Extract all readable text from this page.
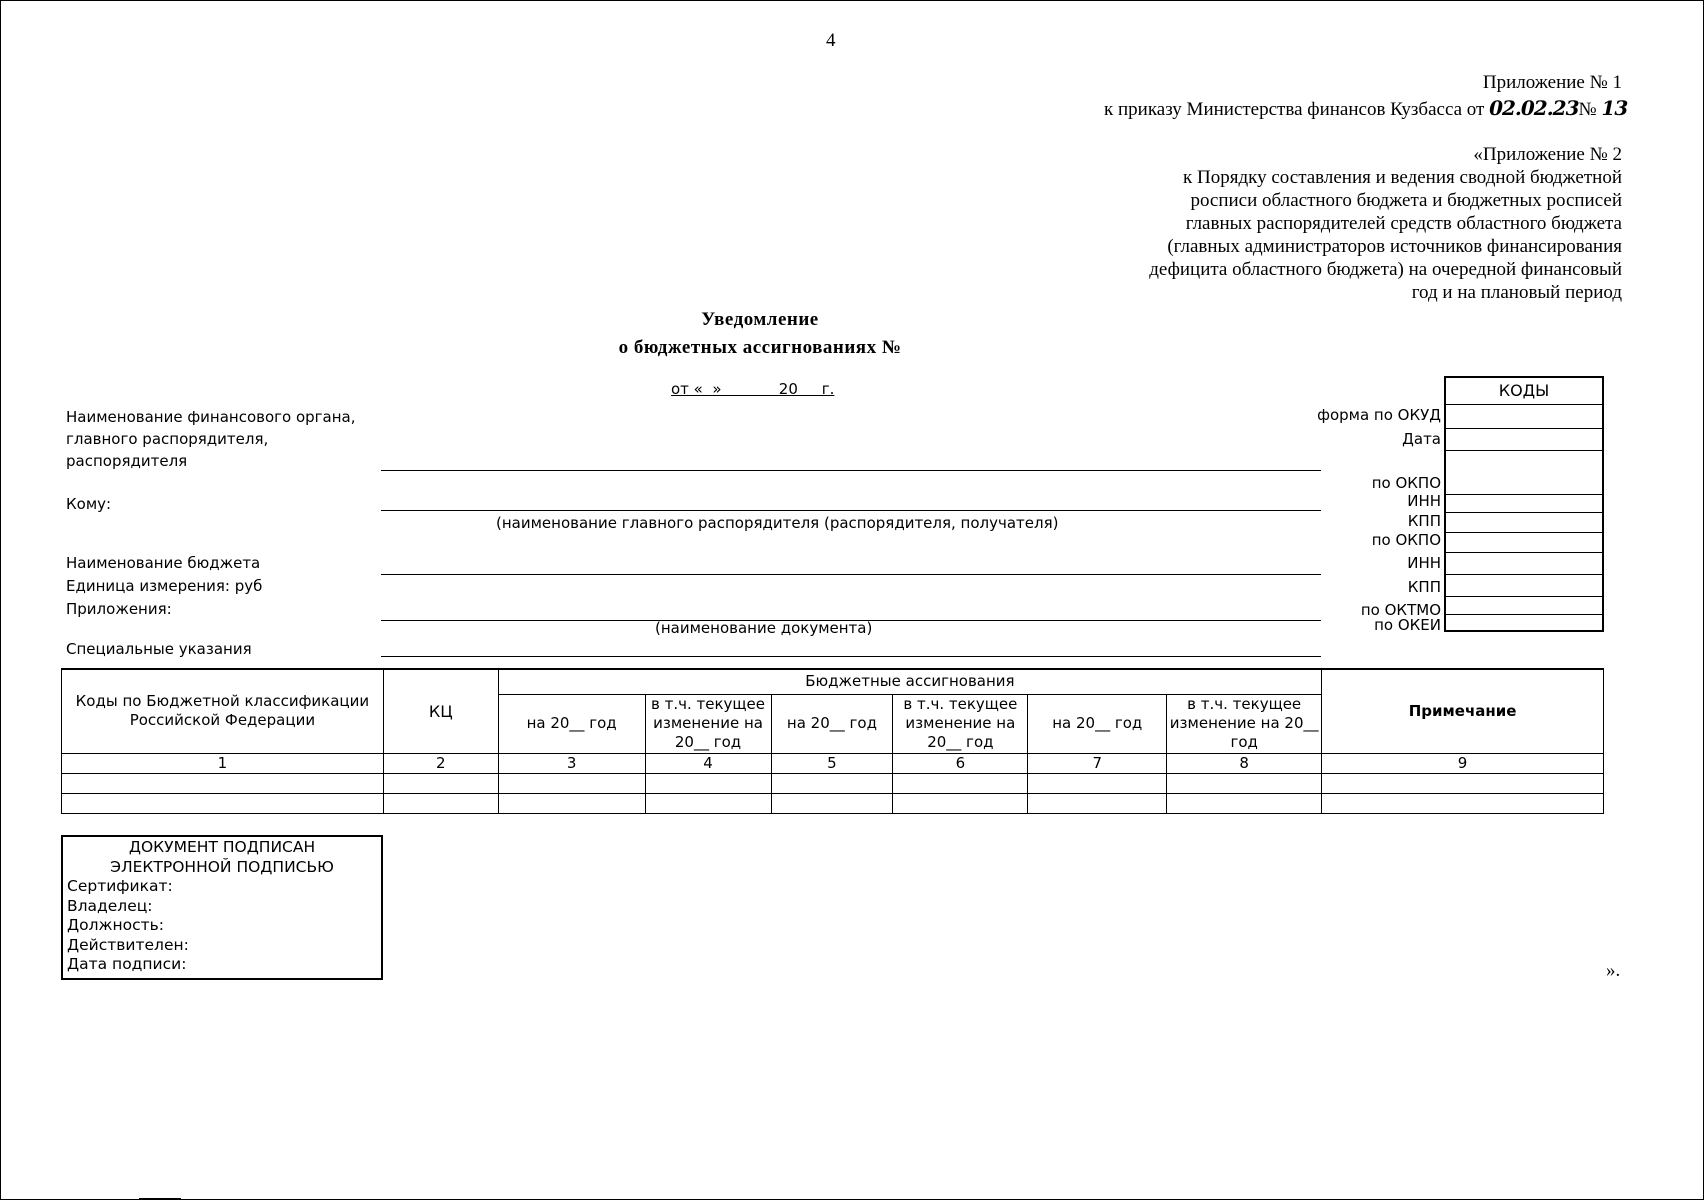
4
Приложение № 1
к приказу Министерства финансов Кузбасса от 02.02.23№ 13
«Приложение № 2
к Порядку составления и ведения сводной бюджетной
росписи областного бюджета и бюджетных росписей
главных распорядителей средств областного бюджета
(главных администраторов источников финансирования
дефицита областного бюджета) на очередной финансовый
год и на плановый период
Уведомление
о бюджетных ассигнованиях №
от «  »            20     г.
форма по ОКУД
Дата
по ОКПО
ИНН
КПП
по ОКПО
ИНН
КПП
по ОКТМО
по ОКЕИ
КОДЫ

Наименование финансового органа,
главного распорядителя,
распорядителя
Кому:
(наименование главного распорядителя (распорядителя, получателя)
Наименование бюджета
Единица измерения: руб
Приложения:
(наименование документа)
Специальные указания
Коды по Бюджетной классификации
Российской Федерации	КЦ	Бюджетные ассигнования						Примечание
		на 20__ год	в т.ч. текущее изменение на 20__ год	на 20__ год	в т.ч. текущее изменение на 20__ год	на 20__ год	в т.ч. текущее изменение на 20__ год	
1	2	3	4	5	6	7	8	9

ДОКУМЕНТ ПОДПИСАН
ЭЛЕКТРОННОЙ ПОДПИСЬЮ
Сертификат:
Владелец:
Должность:
Действителен:
Дата подписи:	».
